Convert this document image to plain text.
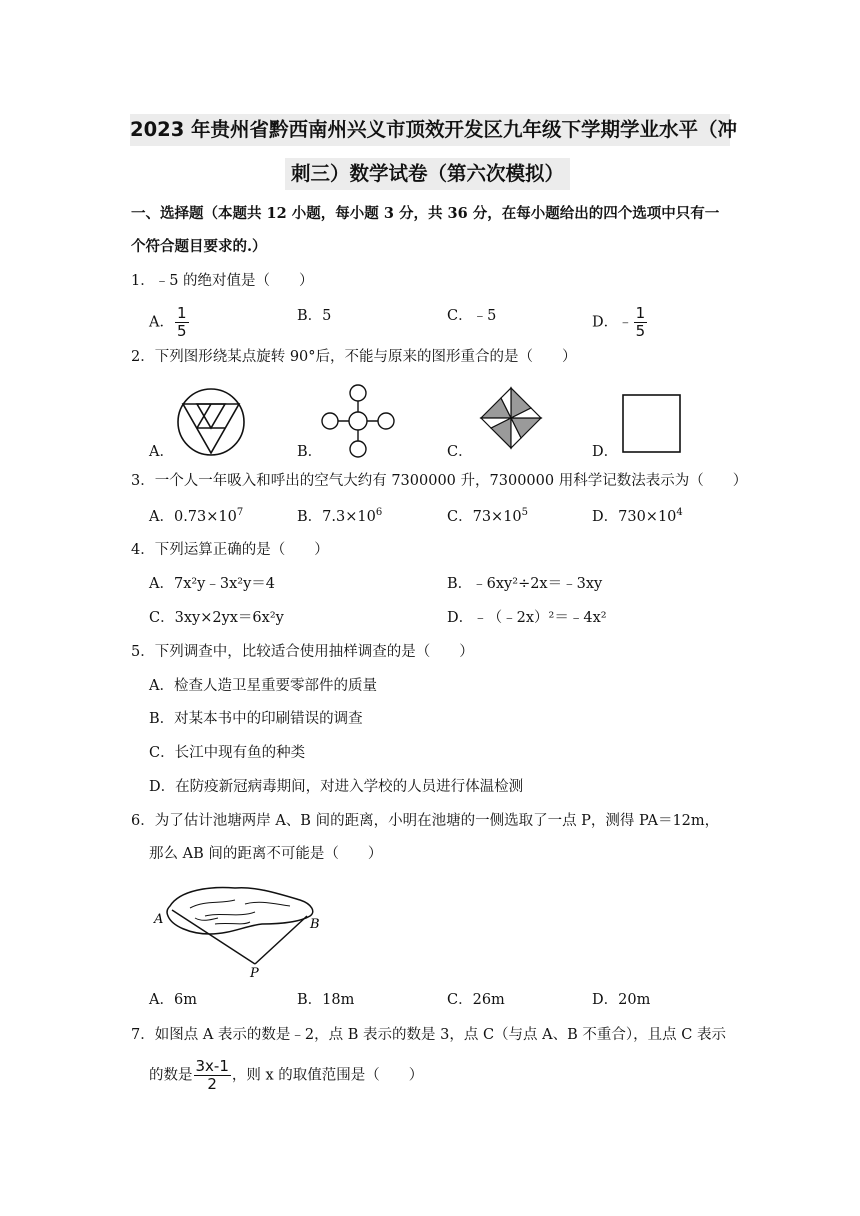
2023 年贵州省黔西南州兴义市顶效开发区九年级下学期学业水平（冲
刺三）数学试卷（第六次模拟）
一、选择题（本题共 12 小题，每小题 3 分，共 36 分，在每小题给出的四个选项中只有一
个符合题目要求的.）
1．﹣5 的绝对值是（　　）
A． $\frac{1}{5}$	B．5	C．﹣5	D．﹣ $\frac{1}{5}$
2．下列图形绕某点旋转 90°后，不能与原来的图形重合的是（　　）
A．	B．	C．	D．
3．一个人一年吸入和呼出的空气大约有 7300000 升，7300000 用科学记数法表示为（　　）
A．$0.73\times 10^7$	B．$7.3\times 10^6$	C．$73\times 10^5$	D．$730\times 10^4$
4．下列运算正确的是（　　）
A．7x²y﹣3x²y＝4	B．﹣6xy²÷2x＝﹣3xy
C．3xy×2yx＝6x²y	D．﹣（﹣2x）²＝﹣4x²
5．下列调查中，比较适合使用抽样调查的是（　　）
A．检查人造卫星重要零部件的质量
B．对某本书中的印刷错误的调查
C．长江中现有鱼的种类
D．在防疫新冠病毒期间，对进入学校的人员进行体温检测
6．为了估计池塘两岸 A、B 间的距离，小明在池塘的一侧选取了一点 P，测得 PA＝12m，
那么 AB 间的距离不可能是（　　）
A	B
P
A．6m	B．18m	C．26m	D．20m
7．如图点 A 表示的数是﹣2，点 B 表示的数是 3，点 C（与点 A、B 不重合），且点 C 表示
的数是 $\frac{3x-1}{2}$ ，则 x 的取值范围是（　　）
